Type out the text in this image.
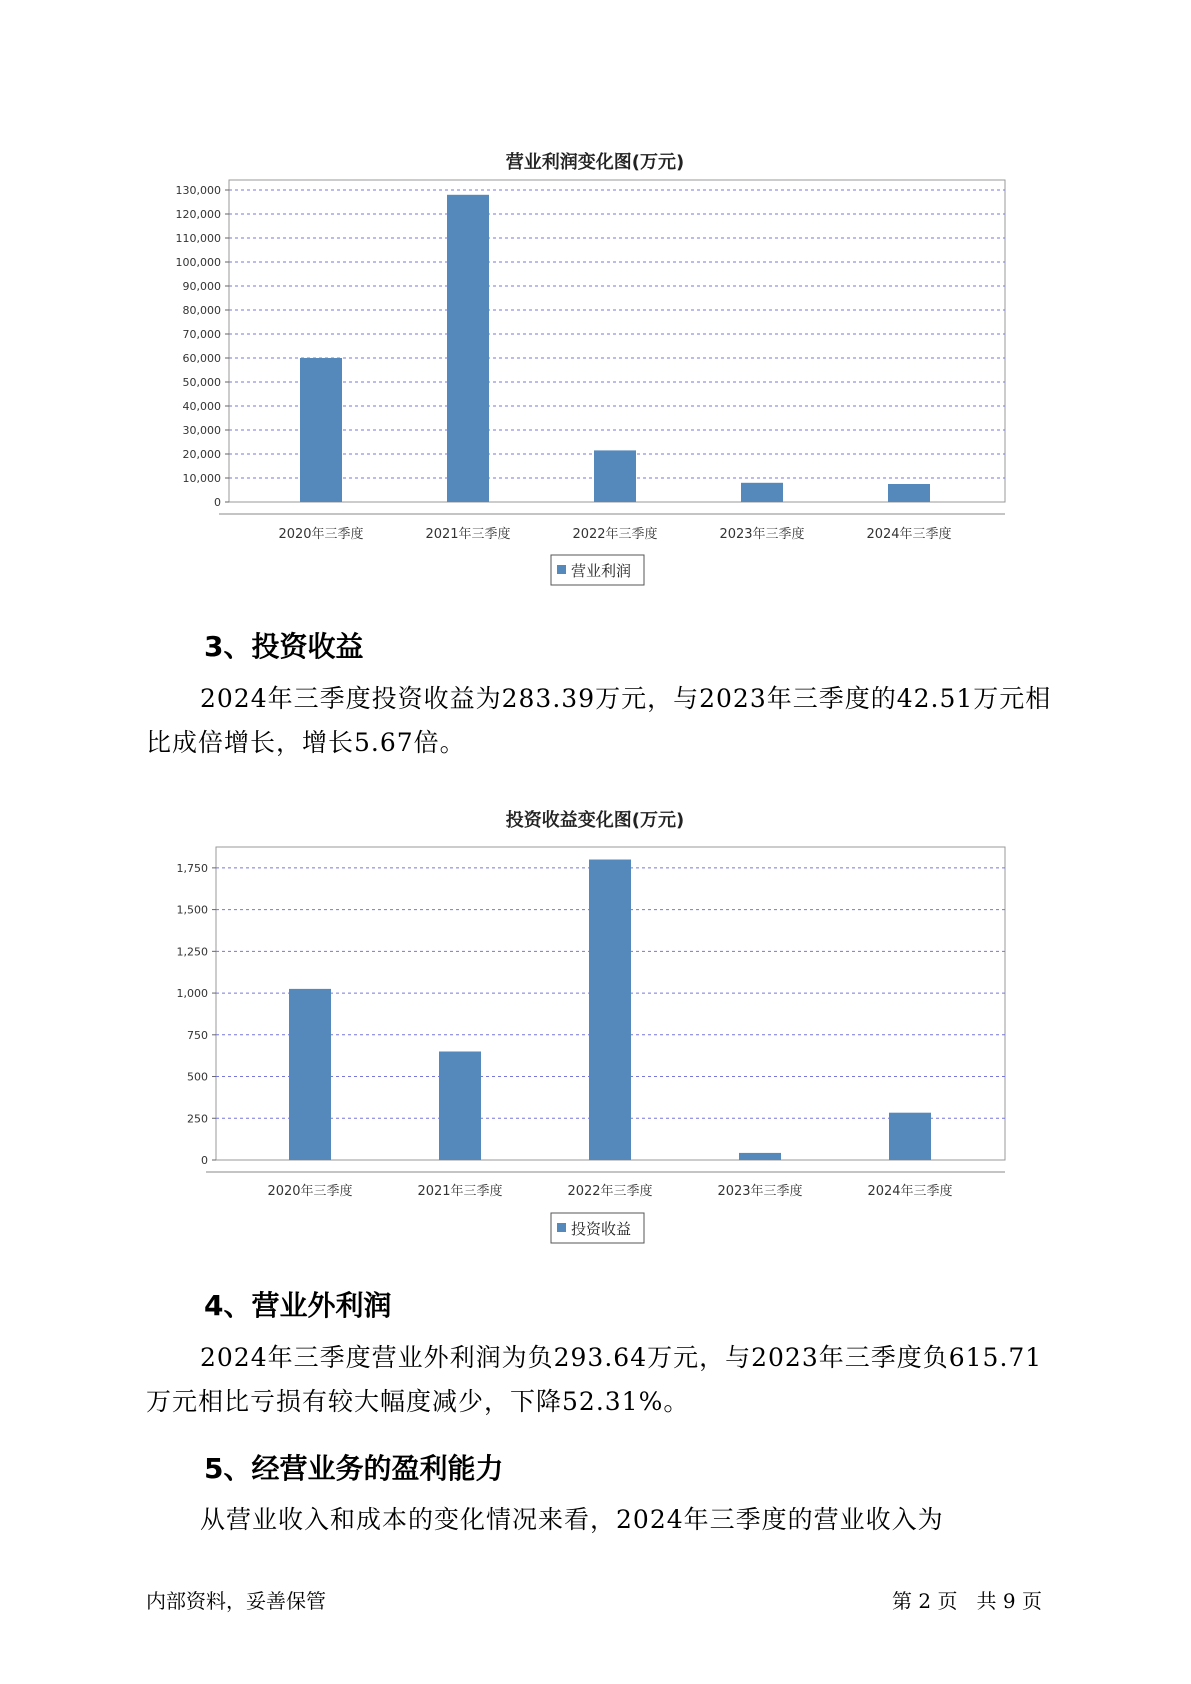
营业利润变化图(万元)
0
10,000
20,000
30,000
40,000
50,000
60,000
70,000
80,000
90,000
100,000
110,000
120,000
130,000
2020年三季度	2021年三季度	2022年三季度	2023年三季度	2024年三季度
营业利润
3、投资收益

2024年三季度投资收益为283.39万元，与2023年三季度的42.51万元相
比成倍增长，增长5.67倍。

投资收益变化图(万元)
0
250
500
750
1,000
1,250
1,500
1,750
2020年三季度	2021年三季度	2022年三季度	2023年三季度	2024年三季度
投资收益
4、营业外利润

2024年三季度营业外利润为负293.64万元，与2023年三季度负615.71
万元相比亏损有较大幅度减少，下降52.31%。

5、经营业务的盈利能力

从营业收入和成本的变化情况来看，2024年三季度的营业收入为

内部资料，妥善保管	第 2 页   共 9 页
